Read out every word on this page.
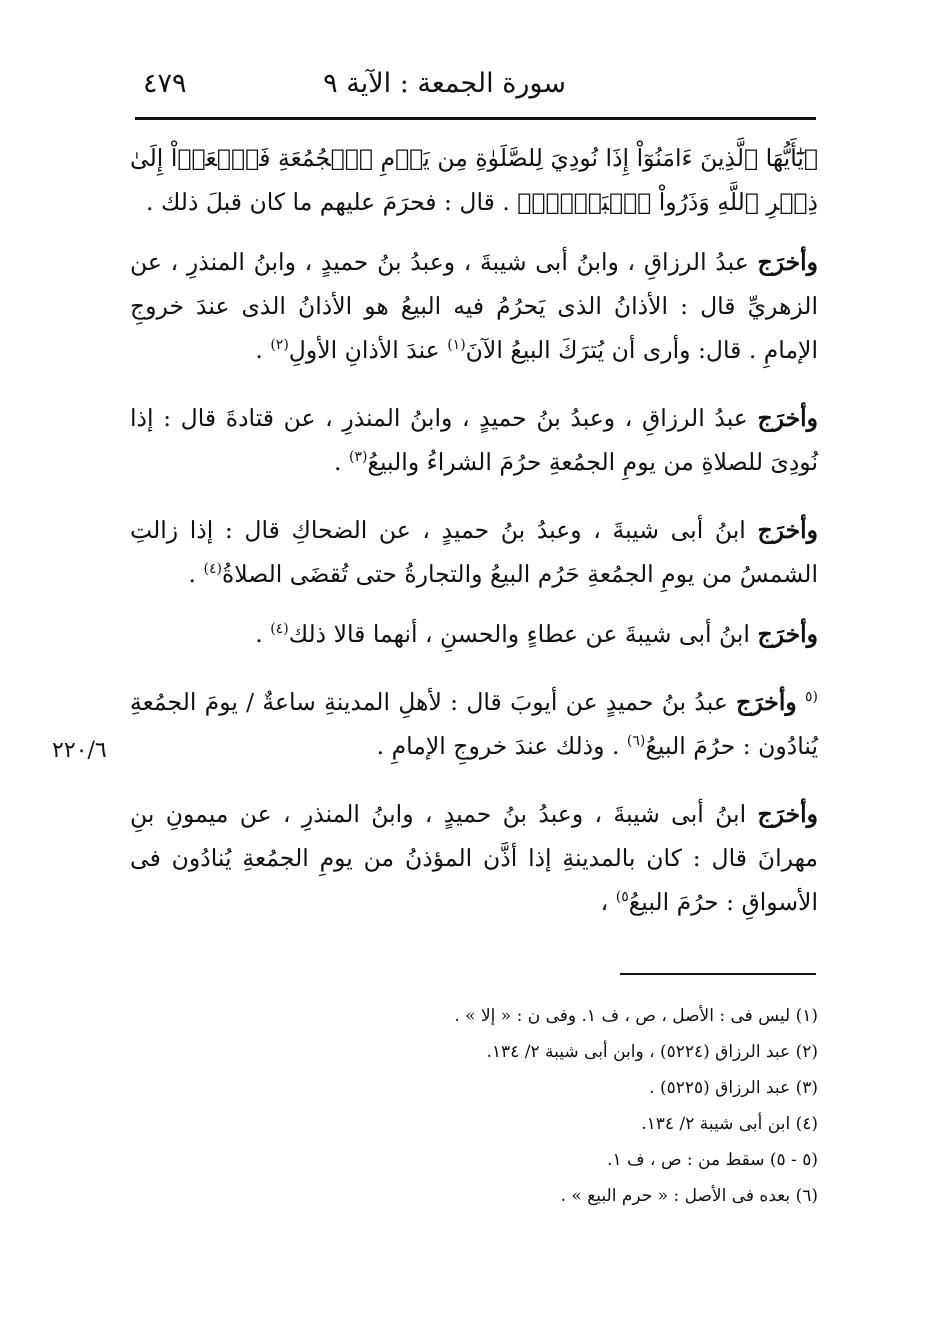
٤٧٩	سورة الجمعة : الآية ٩

﴿يَٰٓأَيُّهَا ٱلَّذِينَ ءَامَنُوٓاْ إِذَا نُودِيَ لِلصَّلَوٰةِ مِن يَوۡمِ ٱلۡجُمُعَةِ فَٱسۡعَوۡاْ إِلَىٰ ذِكۡرِ ٱللَّهِ وَذَرُواْ ٱلۡبَيۡعَۚ﴾ . قال : فحرَمَ عليهم ما كان قبلَ ذلك .

وأخرَج عبدُ الرزاقِ ، وابنُ أبى شيبةَ ، وعبدُ بنُ حميدٍ ، وابنُ المنذرِ ، عن الزهريِّ قال : الأذانُ الذى يَحرُمُ فيه البيعُ هو الأذانُ الذى عندَ خروجِ الإمامِ . قال: وأرى أن يُترَكَ البيعُ الآنَ$^{(١)}$ عندَ الأذانِ الأولِ$^{(٢)}$ .

وأخرَج عبدُ الرزاقِ ، وعبدُ بنُ حميدٍ ، وابنُ المنذرِ ، عن قتادةَ قال : إذا نُودِىَ للصلاةِ من يومِ الجمُعةِ حرُمَ الشراءُ والبيعُ$^{(٣)}$ .

وأخرَج ابنُ أبى شيبةَ ، وعبدُ بنُ حميدٍ ، عن الضحاكِ قال : إذا زالتِ الشمسُ من يومِ الجمُعةِ حَرُم البيعُ والتجارةُ حتى تُقضَى الصلاةُ$^{(٤)}$ .

وأخرَج ابنُ أبى شيبةَ عن عطاءٍ والحسنِ ، أنهما قالا ذلك$^{(٤)}$ .

$^{(٥}$ وأخرَج عبدُ بنُ حميدٍ عن أيوبَ قال : لأهلِ المدينةِ ساعةٌ / يومَ الجمُعةِ يُنادُون : حرُمَ البيعُ$^{(٦)}$ . وذلك عندَ خروجِ الإمامِ .

وأخرَج ابنُ أبى شيبةَ ، وعبدُ بنُ حميدٍ ، وابنُ المنذرِ ، عن ميمونِ بنِ مهرانَ قال : كان بالمدينةِ إذا أذَّن المؤذنُ من يومِ الجمُعةِ يُنادُون فى الأسواقِ : حرُمَ البيعُ$^{٥)}$ ،

٢٢٠/٦
(١) ليس فى : الأصل ، ص ، ف ١. وفى ن : « إلا » .
(٢) عبد الرزاق (٥٢٢٤) ، وابن أبى شيبة ٢/ ١٣٤.
(٣) عبد الرزاق (٥٢٢٥) .
(٤) ابن أبى شيبة ٢/ ١٣٤.
(٥ - ٥) سقط من : ص ، ف ١.
(٦) بعده فى الأصل : « حرم البيع » .
